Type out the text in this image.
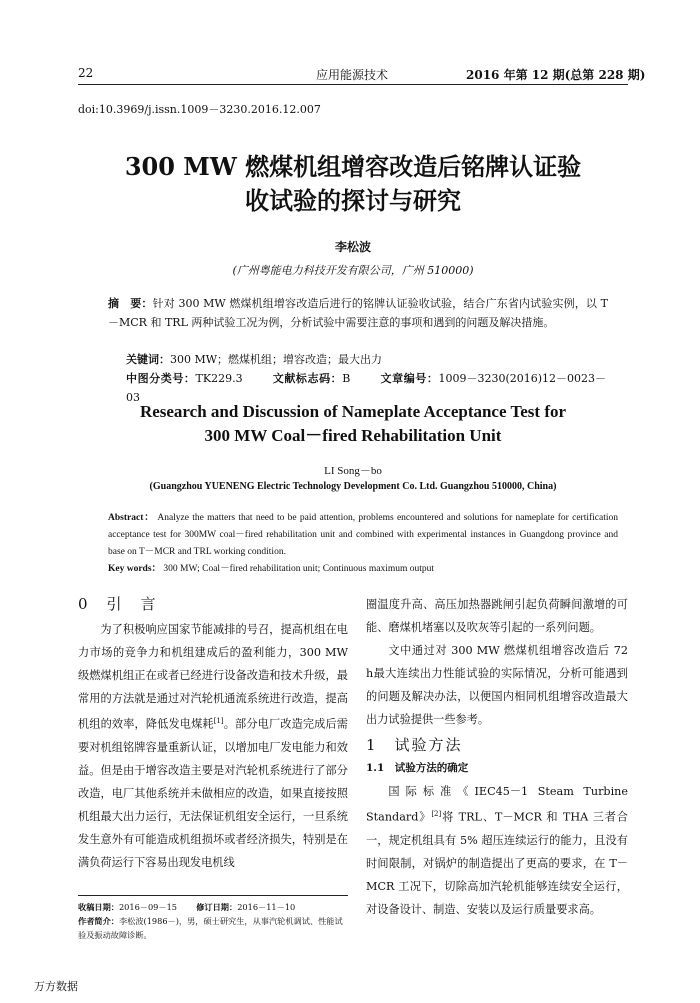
22	应用能源技术	2016 年第 12 期(总第 228 期)
doi:10.3969/j.issn.1009－3230.2016.12.007
300 MW 燃煤机组增容改造后铭牌认证验
收试验的探讨与研究
李松波
(广州粤能电力科技开发有限公司，广州 510000)
摘　要：针对 300 MW 燃煤机组增容改造后进行的铭牌认证验收试验，结合广东省内试验实例，以 T－MCR 和 TRL 两种试验工况为例，分析试验中需要注意的事项和遇到的问题及解决措施。
关键词：300 MW；燃煤机组；增容改造；最大出力
中图分类号：TK229.3	文献标志码：B	文章编号：1009－3230(2016)12－0023－03
Research and Discussion of Nameplate Acceptance Test for
300 MW Coal－fired Rehabilitation Unit
LI Song－bo
(Guangzhou YUENENG Electric Technology Development Co. Ltd. Guangzhou 510000, China)
Abstract： Analyze the matters that need to be paid attention, problems encountered and solutions for nameplate for certification acceptance test for 300MW coal－fired rehabilitation unit and combined with experimental instances in Guangdong province and base on T－MCR and TRL working condition.
Key words： 300 MW; Coal－fired rehabilitation unit; Continuous maximum output
0　引　言

为了积极响应国家节能减排的号召，提高机组在电力市场的竞争力和机组建成后的盈利能力，300 MW 级燃煤机组正在或者已经进行设备改造和技术升级，最常用的方法就是通过对汽轮机通流系统进行改造，提高机组的效率，降低发电煤耗[1]。部分电厂改造完成后需要对机组铭牌容量重新认证，以增加电厂发电能力和效益。但是由于增容改造主要是对汽轮机系统进行了部分改造，电厂其他系统并未做相应的改造，如果直接按照机组最大出力运行，无法保证机组安全运行，一旦系统发生意外有可能造成机组损坏或者经济损失，特别是在满负荷运行下容易出现发电机线

收稿日期：2016－09－15 修订日期：2016－11－10
作者简介：李松波(1986－)，男，硕士研究生，从事汽轮机调试、性能试验及振动故障诊断。

圈温度升高、高压加热器跳闸引起负荷瞬间激增的可能、磨煤机堵塞以及吹灰等引起的一系列问题。

文中通过对 300 MW 燃煤机组增容改造后 72 h最大连续出力性能试验的实际情况，分析可能遇到的问题及解决办法，以便国内相同机组增容改造最大出力试验提供一些参考。

1　试验方法
1.1　试验方法的确定

国际标准《IEC45－1 Steam Turbine Standard》[2]将 TRL、T－MCR 和 THA 三者合一，规定机组具有 5% 超压连续运行的能力，且没有时间限制，对锅炉的制造提出了更高的要求，在 T－MCR 工况下，切除高加汽轮机能够连续安全运行，对设备设计、制造、安装以及运行质量要求高。

万方数据
